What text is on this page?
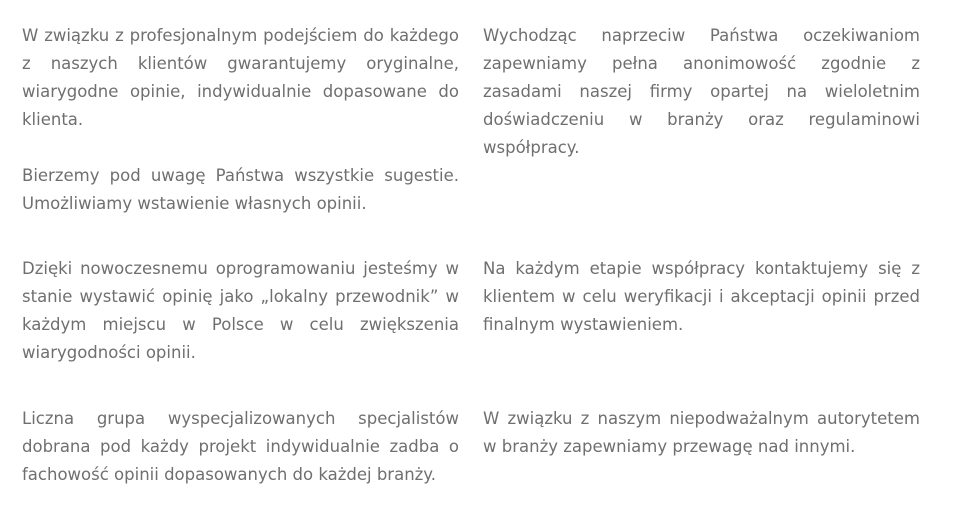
W związku z profesjonalnym podejściem do każdego z naszych klientów gwarantujemy oryginalne, wiarygodne opinie, indywidualnie dopasowane do klienta.

Bierzemy pod uwagę Państwa wszystkie sugestie. Umożliwiamy wstawienie własnych opinii.

Wychodząc naprzeciw Państwa oczekiwaniom zapewniamy pełna anonimowość zgodnie z zasadami naszej firmy opartej na wieloletnim doświadczeniu w branży oraz regulaminowi współpracy.

Dzięki nowoczesnemu oprogramowaniu jesteśmy w stanie wystawić opinię jako „lokalny przewodnik” w każdym miejscu w Polsce w celu zwiększenia wiarygodności opinii.

Na każdym etapie współpracy kontaktujemy się z klientem w celu weryfikacji i akceptacji opinii przed finalnym wystawieniem.

Liczna grupa wyspecjalizowanych specjalistów dobrana pod każdy projekt indywidualnie zadba o fachowość opinii dopasowanych do każdej branży.

W związku z naszym niepodważalnym autorytetem w branży zapewniamy przewagę nad innymi.
